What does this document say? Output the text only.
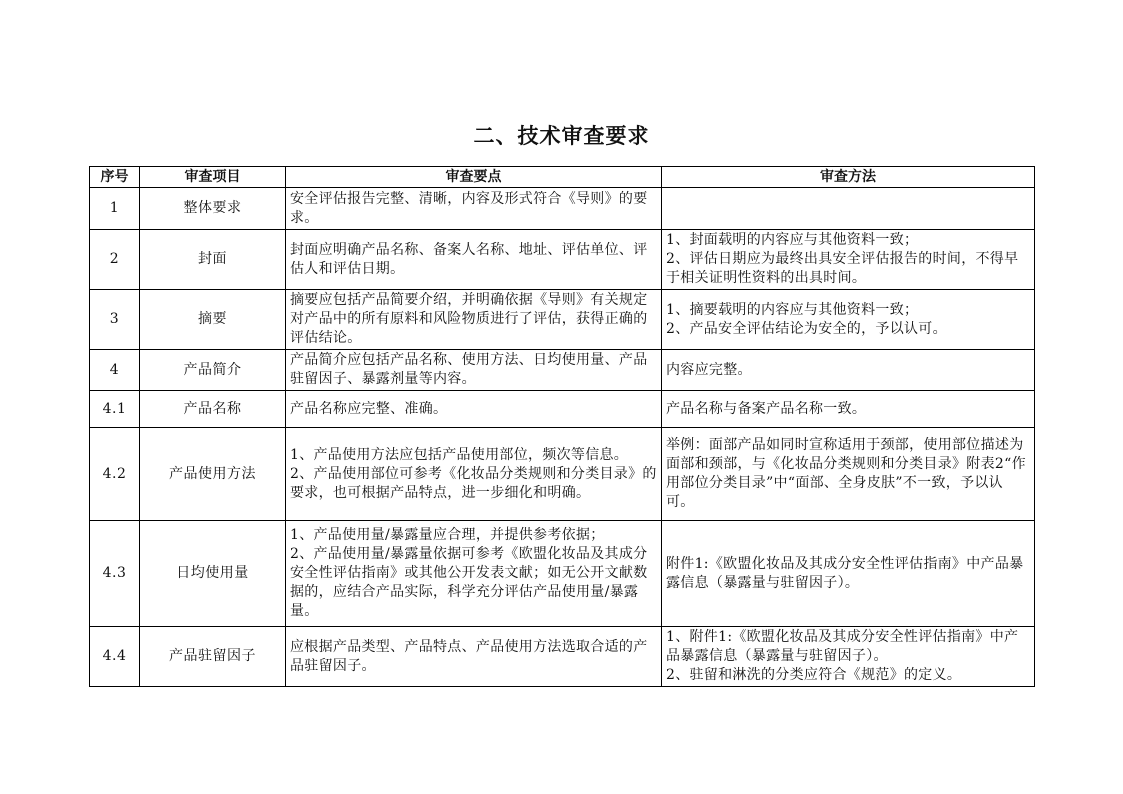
二、技术审查要求
序号	审查项目	审查要点	审查方法
1	整体要求	安全评估报告完整、清晰，内容及形式符合《导则》的要求。	

2	封面	封面应明确产品名称、备案人名称、地址、评估单位、评估人和评估日期。	1、封面载明的内容应与其他资料一致；
2、评估日期应为最终出具安全评估报告的时间，不得早于相关证明性资料的出具时间。

3	摘要	摘要应包括产品简要介绍，并明确依据《导则》有关规定对产品中的所有原料和风险物质进行了评估，获得正确的评估结论。	1、摘要载明的内容应与其他资料一致；
2、产品安全评估结论为安全的，予以认可。

4	产品简介	产品简介应包括产品名称、使用方法、日均使用量、产品驻留因子、暴露剂量等内容。	内容应完整。

4.1	产品名称	产品名称应完整、准确。	产品名称与备案产品名称一致。

4.2	产品使用方法	1、产品使用方法应包括产品使用部位，频次等信息。
2、产品使用部位可参考《化妆品分类规则和分类目录》的要求，也可根据产品特点，进一步细化和明确。	举例：面部产品如同时宣称适用于颈部，使用部位描述为面部和颈部，与《化妆品分类规则和分类目录》附表2“作用部位分类目录”中“面部、全身皮肤”不一致，予以认可。

4.3	日均使用量	1、产品使用量/暴露量应合理，并提供参考依据；
2、产品使用量/暴露量依据可参考《欧盟化妆品及其成分安全性评估指南》或其他公开发表文献；如无公开文献数据的，应结合产品实际，科学充分评估产品使用量/暴露量。	附件1:《欧盟化妆品及其成分安全性评估指南》中产品暴露信息（暴露量与驻留因子）。

4.4	产品驻留因子	应根据产品类型、产品特点、产品使用方法选取合适的产品驻留因子。	1、附件1:《欧盟化妆品及其成分安全性评估指南》中产品暴露信息（暴露量与驻留因子）。
2、驻留和淋洗的分类应符合《规范》的定义。
